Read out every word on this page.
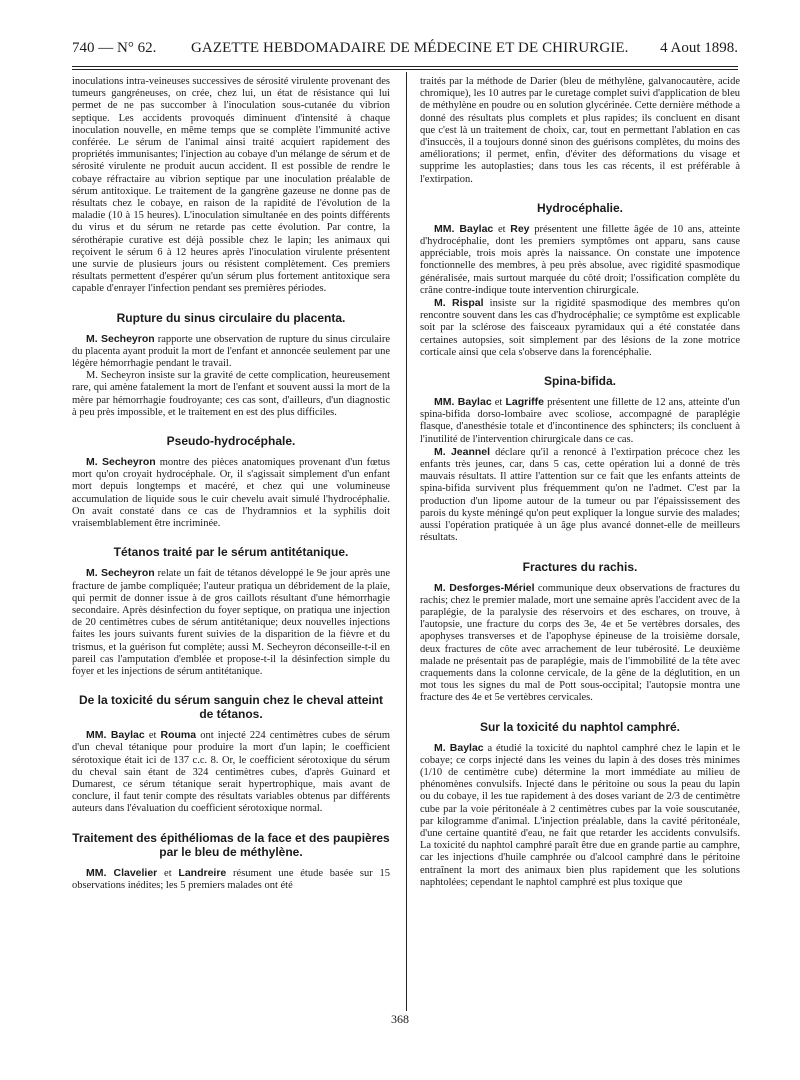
740 — N° 62. GAZETTE HEBDOMADAIRE DE MÉDECINE ET DE CHIRURGIE. 4 Aout 1898.

inoculations intra-veineuses successives de sérosité virulente provenant des tumeurs gangréneuses, on crée, chez lui, un état de résistance qui lui permet de ne pas succomber à l'inoculation sous-cutanée du vibrion septique. Les accidents provoqués diminuent d'intensité à chaque inoculation nouvelle, en même temps que se complète l'immunité active conférée. Le sérum de l'animal ainsi traité acquiert rapidement des propriétés immunisantes; l'injection au cobaye d'un mélange de sérum et de sérosité virulente ne produit aucun accident. Il est possible de rendre le cobaye réfractaire au vibrion septique par une inoculation préalable de sérum antitoxique. Le traitement de la gangrène gazeuse ne donne pas de résultats chez le cobaye, en raison de la rapidité de l'évolution de la maladie (10 à 15 heures). L'inoculation simultanée en des points différents du virus et du sérum ne retarde pas cette évolution. Par contre, la sérothérapie curative est déjà possible chez le lapin; les animaux qui reçoivent le sérum 6 à 12 heures après l'inoculation virulente présentent une survie de plusieurs jours ou résistent complètement. Ces premiers résultats permettent d'espérer qu'un sérum plus fortement antitoxique sera capable d'enrayer l'infection pendant ses premières périodes.

Rupture du sinus circulaire du placenta.

M. Secheyron rapporte une observation de rupture du sinus circulaire du placenta ayant produit la mort de l'enfant et annoncée seulement par une légère hémorrhagie pendant le travail.

M. Secheyron insiste sur la gravité de cette complication, heureusement rare, qui amène fatalement la mort de l'enfant et souvent aussi la mort de la mère par hémorrhagie foudroyante; ces cas sont, d'ailleurs, d'un diagnostic à peu près impossible, et le traitement en est des plus difficiles.

Pseudo-hydrocéphale.

M. Secheyron montre des pièces anatomiques provenant d'un fœtus mort qu'on croyait hydrocéphale. Or, il s'agissait simplement d'un enfant mort depuis longtemps et macéré, et chez qui une volumineuse accumulation de liquide sous le cuir chevelu avait simulé l'hydrocéphalie. On avait constaté dans ce cas de l'hydramnios et la syphilis doit vraisemblablement être incriminée.

Tétanos traité par le sérum antitétanique.

M. Secheyron relate un fait de tétanos développé le 9e jour après une fracture de jambe compliquée; l'auteur pratiqua un débridement de la plaie, qui permit de donner issue à de gros caillots résultant d'une hémorrhagie secondaire. Après désinfection du foyer septique, on pratiqua une injection de 20 centimètres cubes de sérum antitétanique; deux nouvelles injections faites les jours suivants furent suivies de la disparition de la fièvre et du trismus, et la guérison fut complète; aussi M. Secheyron déconseille-t-il en pareil cas l'amputation d'emblée et propose-t-il la désinfection simple du foyer et les injections de sérum antitétanique.

De la toxicité du sérum sanguin chez le cheval atteint de tétanos.

MM. Baylac et Rouma ont injecté 224 centimètres cubes de sérum d'un cheval tétanique pour produire la mort d'un lapin; le coefficient sérotoxique était ici de 137 c.c. 8. Or, le coefficient sérotoxique du sérum du cheval sain étant de 324 centimètres cubes, d'après Guinard et Dumarest, ce sérum tétanique serait hypertrophique, mais avant de conclure, il faut tenir compte des résultats variables obtenus par différents auteurs dans l'évaluation du coefficient sérotoxique normal.

Traitement des épithéliomas de la face et des paupières par le bleu de méthylène.

MM. Clavelier et Landreire résument une étude basée sur 15 observations inédites; les 5 premiers malades ont été

traités par la méthode de Darier (bleu de méthylène, galvanocautère, acide chromique), les 10 autres par le curetage complet suivi d'application de bleu de méthylène en poudre ou en solution glycérinée. Cette dernière méthode a donné des résultats plus complets et plus rapides; ils concluent en disant que c'est là un traitement de choix, car, tout en permettant l'ablation en cas d'insuccès, il a toujours donné sinon des guérisons complètes, du moins des améliorations; il permet, enfin, d'éviter des déformations du visage et supprime les autoplasties; dans tous les cas récents, il est préférable à l'extirpation.

Hydrocéphalie.

MM. Baylac et Rey présentent une fillette âgée de 10 ans, atteinte d'hydrocéphalie, dont les premiers symptômes ont apparu, sans cause appréciable, trois mois après la naissance. On constate une impotence fonctionnelle des membres, à peu près absolue, avec rigidité spasmodique généralisée, mais surtout marquée du côté droit; l'ossification complète du crâne contre-indique toute intervention chirurgicale.

M. Rispal insiste sur la rigidité spasmodique des membres qu'on rencontre souvent dans les cas d'hydrocéphalie; ce symptôme est explicable soit par la sclérose des faisceaux pyramidaux qui a été constatée dans certaines autopsies, soit simplement par des lésions de la zone motrice corticale ainsi que cela s'observe dans la forencéphalie.

Spina-bifida.

MM. Baylac et Lagriffe présentent une fillette de 12 ans, atteinte d'un spina-bifida dorso-lombaire avec scoliose, accompagné de paraplégie flasque, d'anesthésie totale et d'incontinence des sphincters; ils concluent à l'inutilité de l'intervention chirurgicale dans ce cas.

M. Jeannel déclare qu'il a renoncé à l'extirpation précoce chez les enfants très jeunes, car, dans 5 cas, cette opération lui a donné de très mauvais résultats. Il attire l'attention sur ce fait que les enfants atteints de spina-bifida survivent plus fréquemment qu'on ne l'admet. C'est par la production d'un lipome autour de la tumeur ou par l'épaississement des parois du kyste méningé qu'on peut expliquer la longue survie des malades; aussi l'opération pratiquée à un âge plus avancé donnet-elle de meilleurs résultats.

Fractures du rachis.

M. Desforges-Mériel communique deux observations de fractures du rachis; chez le premier malade, mort une semaine après l'accident avec de la paraplégie, de la paralysie des réservoirs et des eschares, on trouve, à l'autopsie, une fracture du corps des 3e, 4e et 5e vertèbres dorsales, des apophyses transverses et de l'apophyse épineuse de la troisième dorsale, deux fractures de côte avec arrachement de leur tubérosité. Le deuxième malade ne présentait pas de paraplégie, mais de l'immobilité de la tête avec craquements dans la colonne cervicale, de la gêne de la déglutition, en un mot tous les signes du mal de Pott sous-occipital; l'autopsie montra une fracture des 4e et 5e vertèbres cervicales.

Sur la toxicité du naphtol camphré.

M. Baylac a étudié la toxicité du naphtol camphré chez le lapin et le cobaye; ce corps injecté dans les veines du lapin à des doses très minimes (1/10 de centimètre cube) détermine la mort immédiate au milieu de phénomènes convulsifs. Injecté dans le péritoine ou sous la peau du lapin ou du cobaye, il les tue rapidement à des doses variant de 2/3 de centimètre cube par la voie péritonéale à 2 centimètres cubes par la voie souscutanée, par kilogramme d'animal. L'injection préalable, dans la cavité péritonéale, d'une certaine quantité d'eau, ne fait que retarder les accidents convulsifs. La toxicité du naphtol camphré paraît être due en grande partie au camphre, car les injections d'huile camphrée ou d'alcool camphré dans le péritoine entraînent la mort des animaux bien plus rapidement que les solutions naphtolées; cependant le naphtol camphré est plus toxique que

368
